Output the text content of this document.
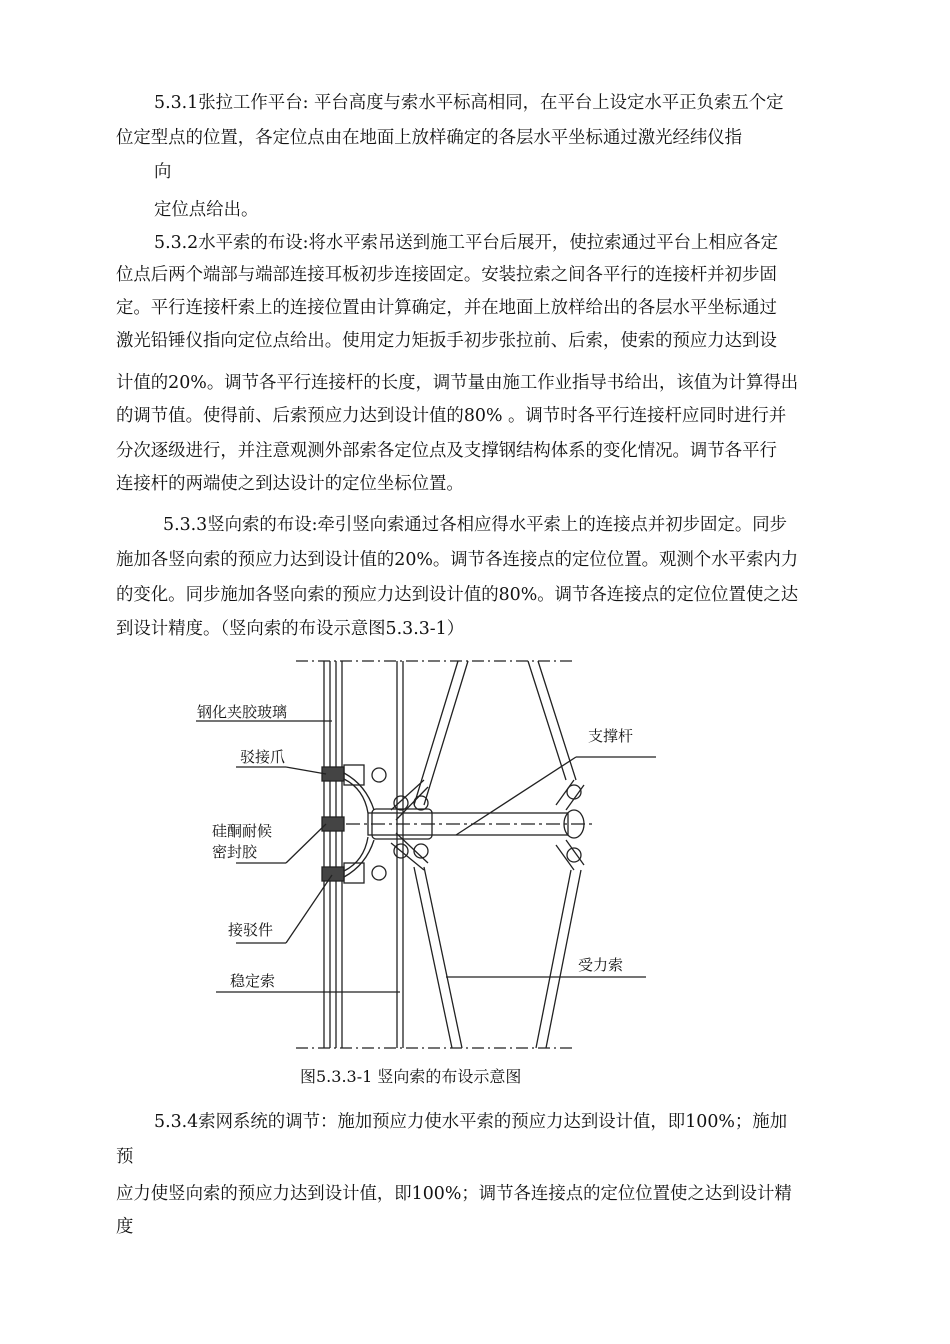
5.3.1张拉工作平台: 平台高度与索水平标高相同，在平台上设定水平正负索五个定
位定型点的位置，各定位点由在地面上放样确定的各层水平坐标通过激光经纬仪指
向
定位点给出。
5.3.2水平索的布设:将水平索吊送到施工平台后展开，使拉索通过平台上相应各定
位点后两个端部与端部连接耳板初步连接固定。安装拉索之间各平行的连接杆并初步固
定。平行连接杆索上的连接位置由计算确定，并在地面上放样给出的各层水平坐标通过
激光铅锤仪指向定位点给出。使用定力矩扳手初步张拉前、后索，使索的预应力达到设
计值的20%。调节各平行连接杆的长度，调节量由施工作业指导书给出，该值为计算得出
的调节值。使得前、后索预应力达到设计值的80% 。调节时各平行连接杆应同时进行并
分次逐级进行，并注意观测外部索各定位点及支撑钢结构体系的变化情况。调节各平行
连接杆的两端使之到达设计的定位坐标位置。
5.3.3竖向索的布设:牵引竖向索通过各相应得水平索上的连接点并初步固定。同步
施加各竖向索的预应力达到设计值的20%。调节各连接点的定位位置。观测个水平索内力
的变化。同步施加各竖向索的预应力达到设计值的80%。调节各连接点的定位位置使之达
到设计精度。（竖向索的布设示意图5.3.3-1）
钢化夹胶玻璃
驳接爪
硅酮耐候
密封胶
接驳件
稳定索
支撑杆
受力索
图5.3.3-1 竖向索的布设示意图
5.3.4索网系统的调节：施加预应力使水平索的预应力达到设计值，即100%；施加
预
应力使竖向索的预应力达到设计值，即100%；调节各连接点的定位位置使之达到设计精
度
